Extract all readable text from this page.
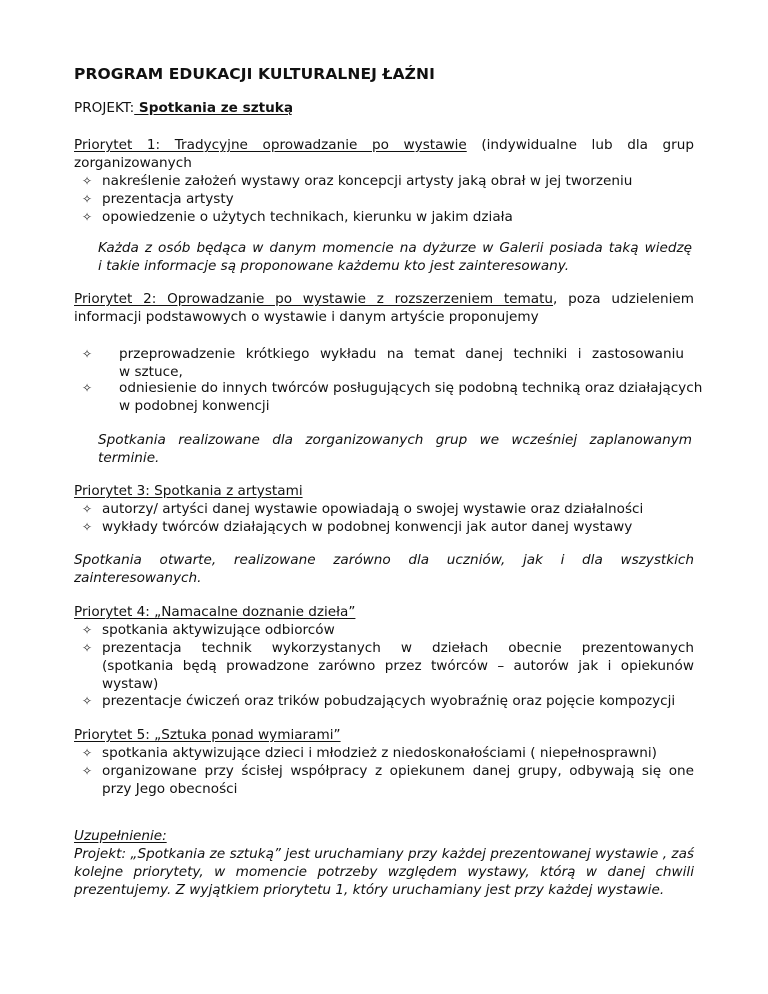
PROGRAM EDUKACJI KULTURALNEJ ŁAŹNI
PROJEKT: Spotkania ze sztuką
Priorytet 1: Tradycyjne oprowadzanie po wystawie (indywidualne lub dla grup
zorganizowanych
✧ nakreślenie założeń wystawy oraz koncepcji artysty jaką obrał w jej tworzeniu
✧ prezentacja artysty
✧ opowiedzenie o użytych technikach, kierunku w jakim działa
Każda z osób będąca w danym momencie na dyżurze w Galerii posiada taką wiedzę
i takie informacje są proponowane każdemu kto jest zainteresowany.
Priorytet 2: Oprowadzanie po wystawie z rozszerzeniem tematu, poza udzieleniem
informacji podstawowych o wystawie i danym artyście proponujemy
✧ przeprowadzenie krótkiego wykładu na temat danej techniki i zastosowaniu
w sztuce,
✧ odniesienie do innych twórców posługujących się podobną techniką oraz działających
w podobnej konwencji
Spotkania realizowane dla zorganizowanych grup we wcześniej zaplanowanym
terminie.
Priorytet 3: Spotkania z artystami
✧ autorzy/ artyści danej wystawie opowiadają o swojej wystawie oraz działalności
✧ wykłady twórców działających w podobnej konwencji jak autor danej wystawy
Spotkania otwarte, realizowane zarówno dla uczniów, jak i dla wszystkich
zainteresowanych.
Priorytet 4: „Namacalne doznanie dzieła”
✧ spotkania aktywizujące odbiorców
✧ prezentacja technik wykorzystanych w dziełach obecnie prezentowanych
(spotkania będą prowadzone zarówno przez twórców – autorów jak i opiekunów
wystaw)
✧ prezentacje ćwiczeń oraz trików pobudzających wyobraźnię oraz pojęcie kompozycji
Priorytet 5: „Sztuka ponad wymiarami”
✧ spotkania aktywizujące dzieci i młodzież z niedoskonałościami ( niepełnosprawni)
✧ organizowane przy ścisłej współpracy z opiekunem danej grupy, odbywają się one
przy Jego obecności
Uzupełnienie:
Projekt: „Spotkania ze sztuką” jest uruchamiany przy każdej prezentowanej wystawie , zaś
kolejne priorytety, w momencie potrzeby względem wystawy, którą w danej chwili
prezentujemy. Z wyjątkiem priorytetu 1, który uruchamiany jest przy każdej wystawie.
